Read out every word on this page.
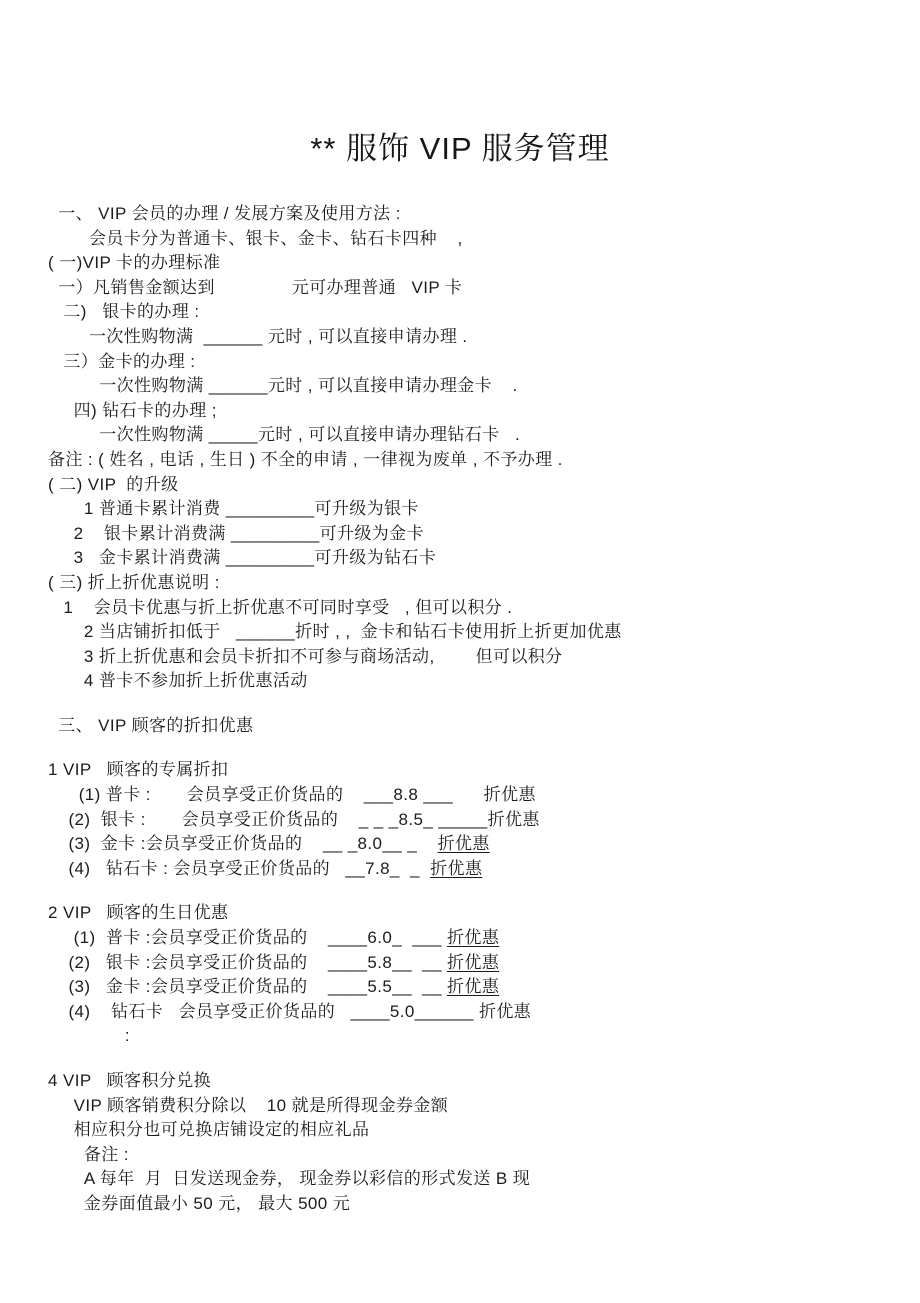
** 服饰 VIP 服务管理
一、 VIP 会员的办理 / 发展方案及使用方法 :
会员卡分为普通卡、银卡、金卡、钻石卡四种    ,
( 一)VIP 卡的办理标准
一）凡销售金额达到               元可办理普通   VIP 卡
二)   银卡的办理 :
一次性购物满  ______ 元时 , 可以直接申请办理 .
三）金卡的办理 :
一次性购物满 ______元时 , 可以直接申请办理金卡    .
四) 钻石卡的办理 ;
一次性购物满 _____元时 , 可以直接申请办理钻石卡   .
备注 : ( 姓名 , 电话 , 生日 ) 不全的申请 , 一律视为废单 , 不予办理 .
( 二) VIP  的升级
1 普通卡累计消费 _________可升级为银卡
2    银卡累计消费满 _________可升级为金卡
3   金卡累计消费满 _________可升级为钻石卡
( 三) 折上折优惠说明 :
1    会员卡优惠与折上折优惠不可同时享受   , 但可以积分 .
2 当店铺折扣低于   ______折时 , ,  金卡和钻石卡使用折上折更加优惠
3 折上折优惠和会员卡折扣不可参与商场活动,        但可以积分
4 普卡不参加折上折优惠活动

三、 VIP 顾客的折扣优惠

1 VIP   顾客的专属折扣
(1) 普卡 :       会员享受正价货品的    ___8.8 ___      折优惠
(2)  银卡 :       会员享受正价货品的    _ _ _8.5_ _____折优惠
(3)  金卡 :会员享受正价货品的    __ _8.0__ _    折优惠
(4)   钻石卡 : 会员享受正价货品的   __7.8_  _  折优惠

2 VIP   顾客的生日优惠
(1)  普卡 :会员享受正价货品的    ____6.0_  ___ 折优惠
(2)   银卡 :会员享受正价货品的    ____5.8__  __ 折优惠
(3)   金卡 :会员享受正价货品的    ____5.5__  __ 折优惠
(4)    钻石卡   会员享受正价货品的   ____5.0______ 折优惠
:

4 VIP   顾客积分兑换
VIP 顾客销费积分除以    10 就是所得现金券金额
相应积分也可兑换店铺设定的相应礼品
备注 :
A 每年  月  日发送现金券， 现金券以彩信的形式发送 B 现
金券面值最小 50 元， 最大 500 元
